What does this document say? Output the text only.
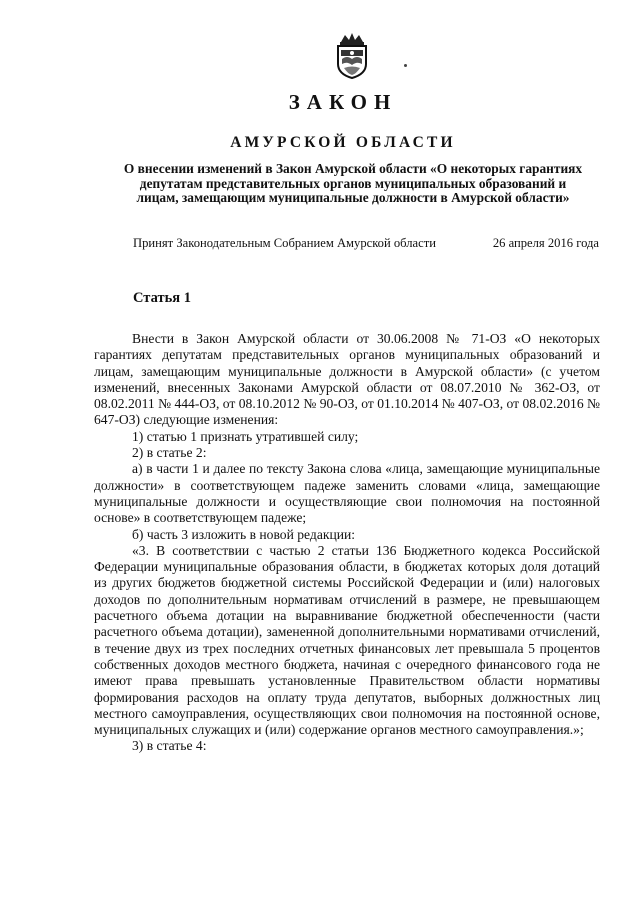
ЗАКОН
АМУРСКОЙ ОБЛАСТИ
О внесении изменений в Закон Амурской области «О некоторых гарантиях депутатам представительных органов муниципальных образований и лицам, замещающим муниципальные должности в Амурской области»
Принят Законодательным Собранием Амурской области	26 апреля 2016 года
Статья 1

Внести в Закон Амурской области от 30.06.2008 № 71-ОЗ «О некоторых гарантиях депутатам представительных органов муниципальных образований и лицам, замещающим муниципальные должности в Амурской области» (с учетом изменений, внесенных Законами Амурской области от 08.07.2010 № 362-ОЗ, от 08.02.2011 № 444-ОЗ, от 08.10.2012 № 90-ОЗ, от 01.10.2014 № 407-ОЗ, от 08.02.2016 № 647-ОЗ) следующие изменения:

1) статью 1 признать утратившей силу;

2) в статье 2:

а) в части 1 и далее по тексту Закона слова «лица, замещающие муниципальные должности» в соответствующем падеже заменить словами «лица, замещающие муниципальные должности и осуществляющие свои полномочия на постоянной основе» в соответствующем падеже;

б) часть 3 изложить в новой редакции:

«3. В соответствии с частью 2 статьи 136 Бюджетного кодекса Российской Федерации муниципальные образования области, в бюджетах которых доля дотаций из других бюджетов бюджетной системы Российской Федерации и (или) налоговых доходов по дополнительным нормативам отчислений в размере, не превышающем расчетного объема дотации на выравнивание бюджетной обеспеченности (части расчетного объема дотации), замененной дополнительными нормативами отчислений, в течение двух из трех последних отчетных финансовых лет превышала 5 процентов собственных доходов местного бюджета, начиная с очередного финансового года не имеют права превышать установленные Правительством области нормативы формирования расходов на оплату труда депутатов, выборных должностных лиц местного самоуправления, осуществляющих свои полномочия на постоянной основе, муниципальных служащих и (или) содержание органов местного самоуправления.»;

3) в статье 4:
